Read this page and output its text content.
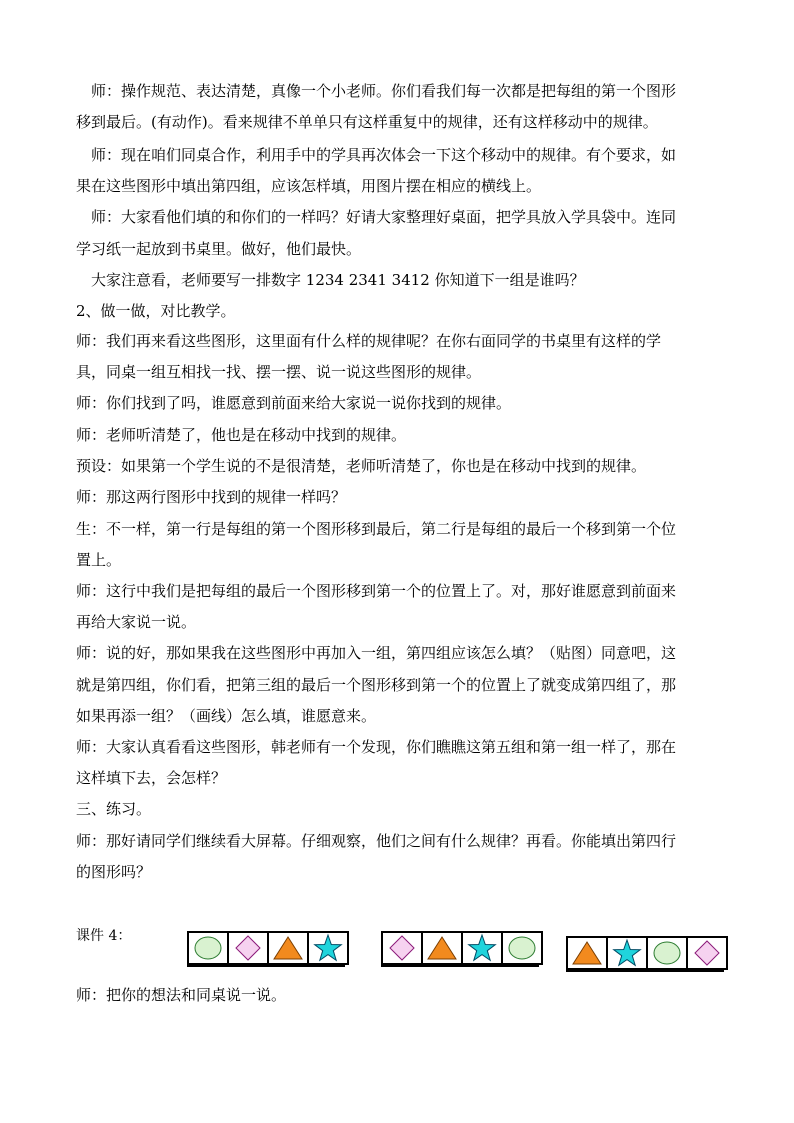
　师：操作规范、表达清楚，真像一个小老师。你们看我们每一次都是把每组的第一个图形
移到最后。(有动作)。看来规律不单单只有这样重复中的规律，还有这样移动中的规律。
　师：现在咱们同桌合作，利用手中的学具再次体会一下这个移动中的规律。有个要求，如
果在这些图形中填出第四组，应该怎样填，用图片摆在相应的横线上。
　师：大家看他们填的和你们的一样吗？好请大家整理好桌面，把学具放入学具袋中。连同
学习纸一起放到书桌里。做好，他们最快。
　大家注意看，老师要写一排数字 1234 2341 3412 你知道下一组是谁吗？
2、做一做，对比教学。
师：我们再来看这些图形，这里面有什么样的规律呢？在你右面同学的书桌里有这样的学
具，同桌一组互相找一找、摆一摆、说一说这些图形的规律。
师：你们找到了吗，谁愿意到前面来给大家说一说你找到的规律。
师：老师听清楚了，他也是在移动中找到的规律。
预设：如果第一个学生说的不是很清楚，老师听清楚了，你也是在移动中找到的规律。
师：那这两行图形中找到的规律一样吗？
生：不一样，第一行是每组的第一个图形移到最后，第二行是每组的最后一个移到第一个位
置上。
师：这行中我们是把每组的最后一个图形移到第一个的位置上了。对，那好谁愿意到前面来
再给大家说一说。
师：说的好，那如果我在这些图形中再加入一组，第四组应该怎么填？（贴图）同意吧，这
就是第四组，你们看，把第三组的最后一个图形移到第一个的位置上了就变成第四组了，那
如果再添一组？（画线）怎么填，谁愿意来。
师：大家认真看看这些图形，韩老师有一个发现，你们瞧瞧这第五组和第一组一样了，那在
这样填下去，会怎样？
三、练习。
师：那好请同学们继续看大屏幕。仔细观察，他们之间有什么规律？再看。你能填出第四行
的图形吗？
课件 4：
师：把你的想法和同桌说一说。
